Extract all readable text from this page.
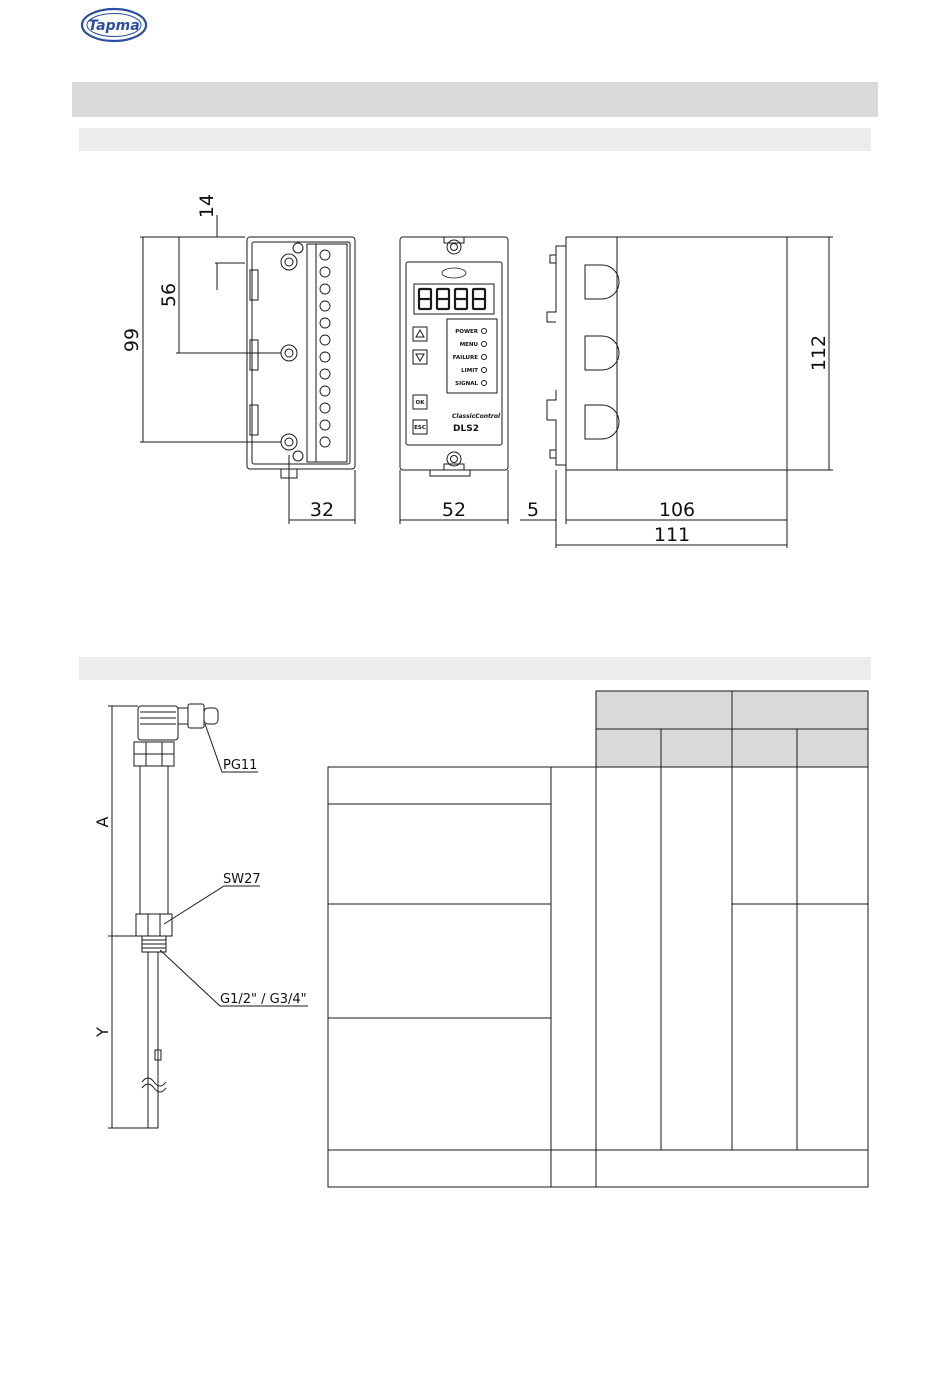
Tapma
POWER
MENU
FAILURE
LIMIT
SIGNAL
OK
ESC
ClassicControl
DLS2
14
56
99
32	52	5	106
111
112
A
Y
PG11
SW27
G1/2" / G3/4"
